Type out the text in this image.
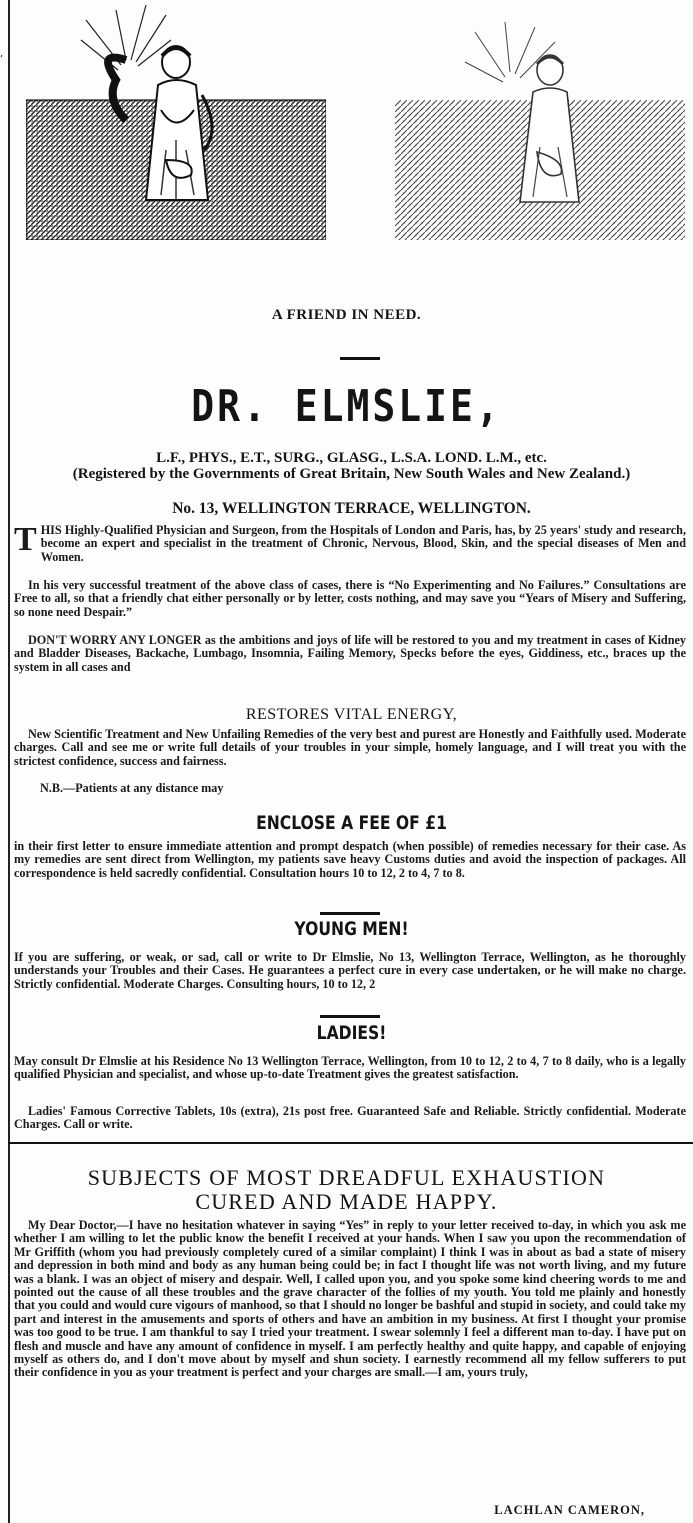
,
A FRIEND IN NEED.
DR. ELMSLIE,
L.F., PHYS., E.T., SURG., GLASG., L.S.A. LOND. L.M., etc.
(Registered by the Governments of Great Britain, New South Wales and New Zealand.)
No. 13, WELLINGTON TERRACE, WELLINGTON.
THIS Highly-Qualified Physician and Surgeon, from the Hospitals of London and Paris, has, by 25 years' study and research, become an expert and specialist in the treatment of Chronic, Nervous, Blood, Skin, and the special diseases of Men and Women.
In his very successful treatment of the above class of cases, there is “No Experimenting and No Failures.” Consultations are Free to all, so that a friendly chat either personally or by letter, costs nothing, and may save you “Years of Misery and Suffering, so none need Despair.”
DON'T WORRY ANY LONGER as the ambitions and joys of life will be restored to you and my treatment in cases of Kidney and Bladder Diseases, Backache, Lumbago, Insomnia, Failing Memory, Specks before the eyes, Giddiness, etc., braces up the system in all cases and
RESTORES VITAL ENERGY,
New Scientific Treatment and New Unfailing Remedies of the very best and purest are Honestly and Faithfully used. Moderate charges. Call and see me or write full details of your troubles in your simple, homely language, and I will treat you with the strictest confidence, success and fairness.
N.B.—Patients at any distance may
ENCLOSE A FEE OF £1
in their first letter to ensure immediate attention and prompt despatch (when possible) of remedies necessary for their case. As my remedies are sent direct from Wellington, my patients save heavy Customs duties and avoid the inspection of packages. All correspondence is held sacredly confidential. Consultation hours 10 to 12, 2 to 4, 7 to 8.
YOUNG MEN!
If you are suffering, or weak, or sad, call or write to Dr Elmslie, No 13, Wellington Terrace, Wellington, as he thoroughly understands your Troubles and their Cases. He guarantees a perfect cure in every case undertaken, or he will make no charge. Strictly confidential. Moderate Charges. Consulting hours, 10 to 12, 2
LADIES!
May consult Dr Elmslie at his Residence No 13 Wellington Terrace, Wellington, from 10 to 12, 2 to 4, 7 to 8 daily, who is a legally qualified Physician and specialist, and whose up-to-date Treatment gives the greatest satisfaction.
Ladies' Famous Corrective Tablets, 10s (extra), 21s post free. Guaranteed Safe and Reliable. Strictly confidential. Moderate Charges. Call or write.
SUBJECTS OF MOST DREADFUL EXHAUSTION
CURED AND MADE HAPPY.
My Dear Doctor,—I have no hesitation whatever in saying “Yes” in reply to your letter received to-day, in which you ask me whether I am willing to let the public know the benefit I received at your hands. When I saw you upon the recommendation of Mr Griffith (whom you had previously completely cured of a similar complaint) I think I was in about as bad a state of misery and depression in both mind and body as any human being could be; in fact I thought life was not worth living, and my future was a blank. I was an object of misery and despair. Well, I called upon you, and you spoke some kind cheering words to me and pointed out the cause of all these troubles and the grave character of the follies of my youth. You told me plainly and honestly that you could and would cure vigours of manhood, so that I should no longer be bashful and stupid in society, and could take my part and interest in the amusements and sports of others and have an ambition in my business. At first I thought your promise was too good to be true. I am thankful to say I tried your treatment. I swear solemnly I feel a different man to-day. I have put on flesh and muscle and have any amount of confidence in myself. I am perfectly healthy and quite happy, and capable of enjoying myself as others do, and I don't move about by myself and shun society. I earnestly recommend all my fellow sufferers to put their confidence in you as your treatment is perfect and your charges are small.—I am, yours truly,
LACHLAN CAMERON,
